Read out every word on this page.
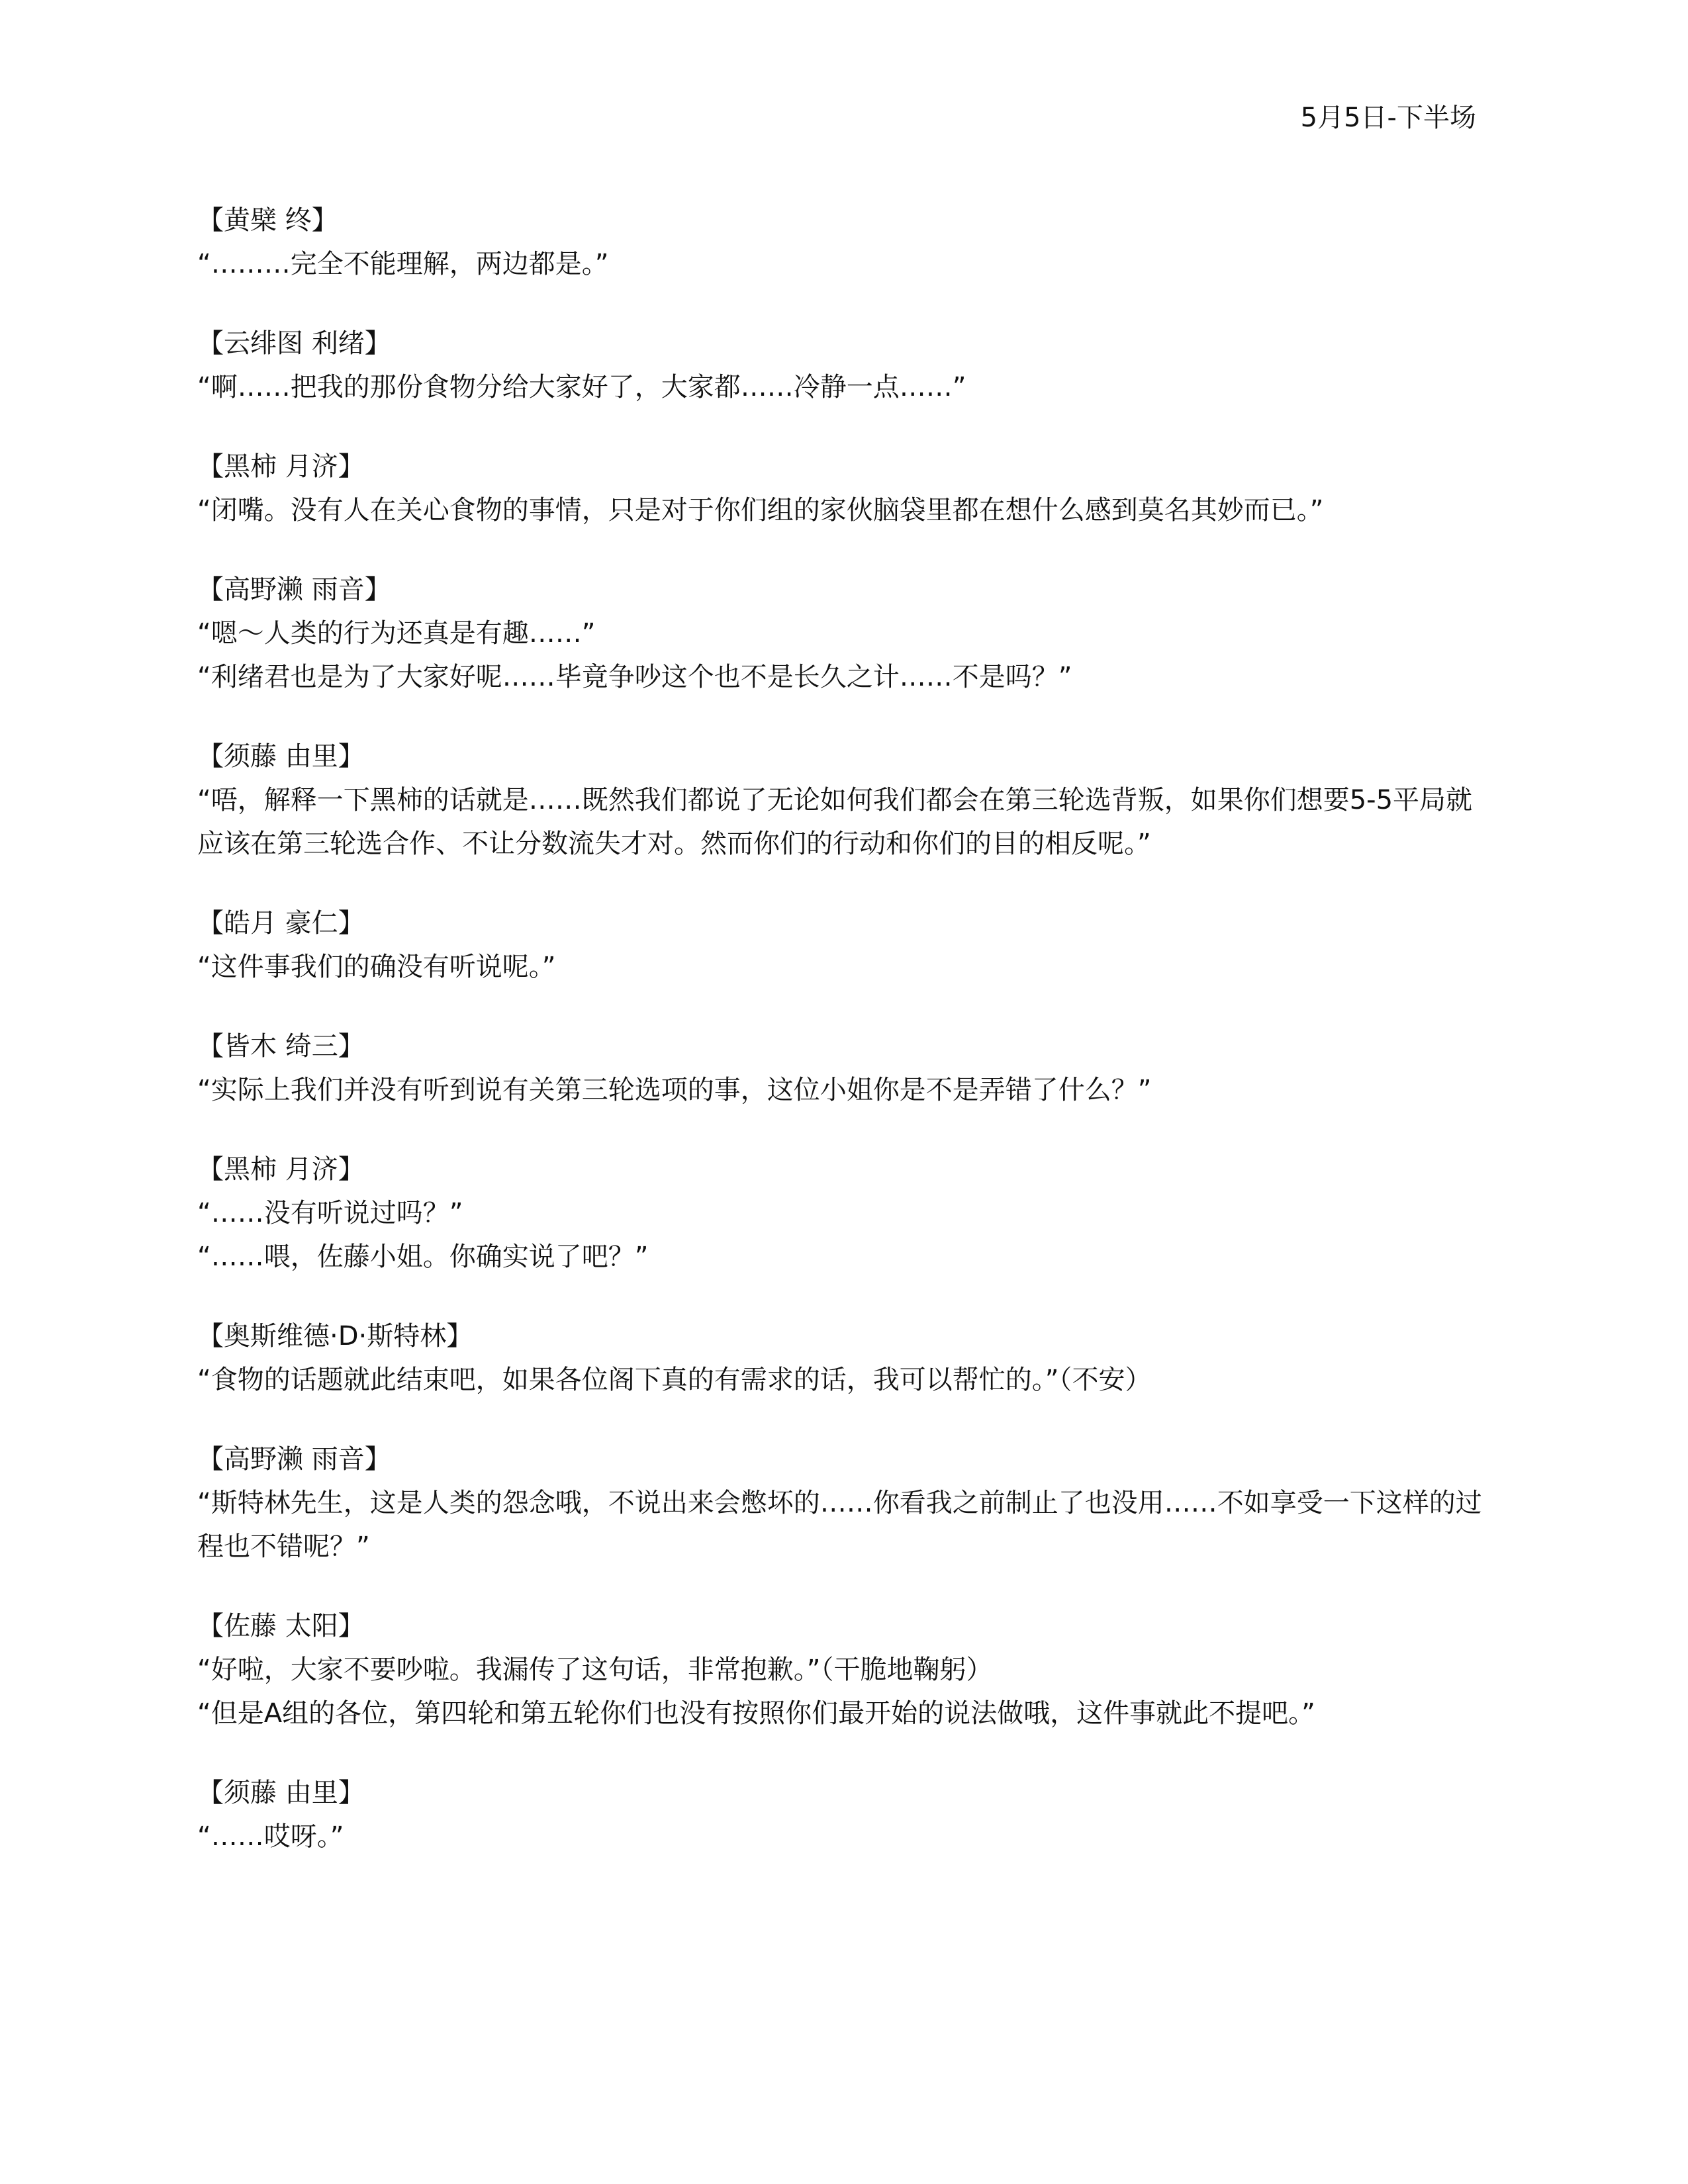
5月5日-下半场
【黄檗 终】
“………完全不能理解，两边都是。”
【云绯图 利绪】
“啊……把我的那份食物分给大家好了，大家都……冷静一点……”
【黑柿 月济】
“闭嘴。没有人在关心食物的事情，只是对于你们组的家伙脑袋里都在想什么感到莫名其妙而已。”
【高野濑 雨音】
“嗯～人类的行为还真是有趣……”
“利绪君也是为了大家好呢……毕竟争吵这个也不是长久之计……不是吗？”
【须藤 由里】
“唔，解释一下黑柿的话就是……既然我们都说了无论如何我们都会在第三轮选背叛，如果你们想要5-5平局就应该在第三轮选合作、不让分数流失才对。然而你们的行动和你们的目的相反呢。”
【皓月 豪仁】
“这件事我们的确没有听说呢。”
【皆木 绮三】
“实际上我们并没有听到说有关第三轮选项的事，这位小姐你是不是弄错了什么？”
【黑柿 月济】
“……没有听说过吗？”
“……喂，佐藤小姐。你确实说了吧？”
【奥斯维德·D·斯特林】
“食物的话题就此结束吧，如果各位阁下真的有需求的话，我可以帮忙的。”（不安）
【高野濑 雨音】
“斯特林先生，这是人类的怨念哦，不说出来会憋坏的……你看我之前制止了也没用……不如享受一下这样的过程也不错呢？”
【佐藤 太阳】
“好啦，大家不要吵啦。我漏传了这句话，非常抱歉。”（干脆地鞠躬）
“但是A组的各位，第四轮和第五轮你们也没有按照你们最开始的说法做哦，这件事就此不提吧。”
【须藤 由里】
“……哎呀。”
